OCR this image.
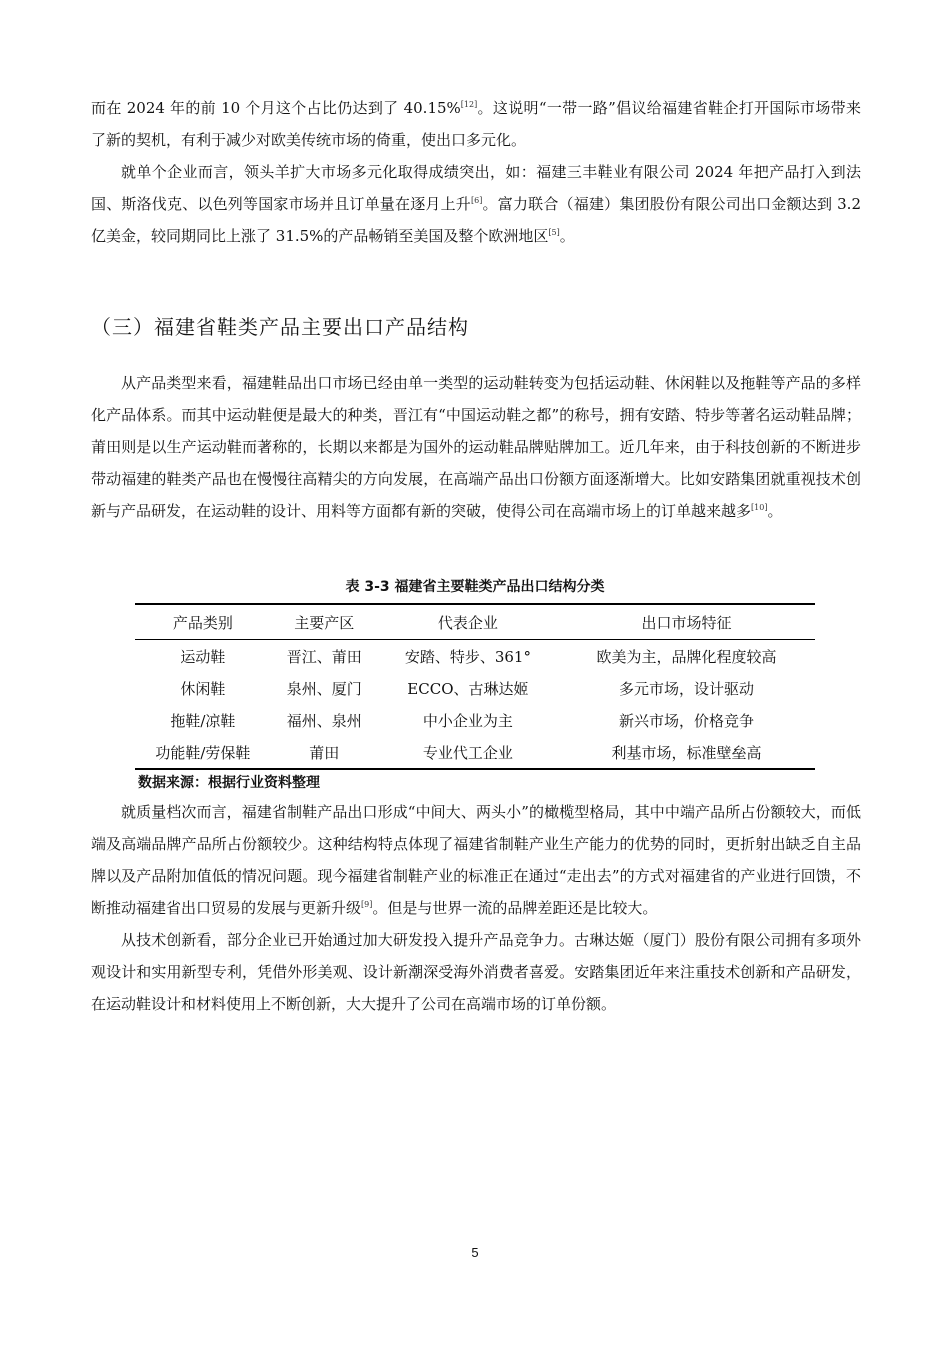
而在 2024 年的前 10 个月这个占比仍达到了 40.15%[12]。这说明“一带一路”倡议给福建省鞋企打开国际市场带来了新的契机，有利于减少对欧美传统市场的倚重，使出口多元化。

就单个企业而言，领头羊扩大市场多元化取得成绩突出，如：福建三丰鞋业有限公司 2024 年把产品打入到法国、斯洛伐克、以色列等国家市场并且订单量在逐月上升[6]。富力联合（福建）集团股份有限公司出口金额达到 3.2 亿美金，较同期同比上涨了 31.5%的产品畅销至美国及整个欧洲地区[5]。

（三）福建省鞋类产品主要出口产品结构

从产品类型来看，福建鞋品出口市场已经由单一类型的运动鞋转变为包括运动鞋、休闲鞋以及拖鞋等产品的多样化产品体系。而其中运动鞋便是最大的种类，晋江有“中国运动鞋之都”的称号，拥有安踏、特步等著名运动鞋品牌；莆田则是以生产运动鞋而著称的，长期以来都是为国外的运动鞋品牌贴牌加工。近几年来，由于科技创新的不断进步带动福建的鞋类产品也在慢慢往高精尖的方向发展，在高端产品出口份额方面逐渐增大。比如安踏集团就重视技术创新与产品研发，在运动鞋的设计、用料等方面都有新的突破，使得公司在高端市场上的订单越来越多[10]。

表 3-3 福建省主要鞋类产品出口结构分类
产品类别	主要产区	代表企业	出口市场特征
运动鞋	晋江、莆田	安踏、特步、361°	欧美为主，品牌化程度较高
休闲鞋	泉州、厦门	ECCO、古琳达姬	多元市场，设计驱动
拖鞋/凉鞋	福州、泉州	中小企业为主	新兴市场，价格竞争
功能鞋/劳保鞋	莆田	专业代工企业	利基市场，标准壁垒高
数据来源：根据行业资料整理

就质量档次而言，福建省制鞋产品出口形成“中间大、两头小”的橄榄型格局，其中中端产品所占份额较大，而低端及高端品牌产品所占份额较少。这种结构特点体现了福建省制鞋产业生产能力的优势的同时，更折射出缺乏自主品牌以及产品附加值低的情况问题。现今福建省制鞋产业的标准正在通过“走出去”的方式对福建省的产业进行回馈，不断推动福建省出口贸易的发展与更新升级[9]。但是与世界一流的品牌差距还是比较大。

从技术创新看，部分企业已开始通过加大研发投入提升产品竞争力。古琳达姬（厦门）股份有限公司拥有多项外观设计和实用新型专利，凭借外形美观、设计新潮深受海外消费者喜爱。安踏集团近年来注重技术创新和产品研发，在运动鞋设计和材料使用上不断创新，大大提升了公司在高端市场的订单份额。

5
